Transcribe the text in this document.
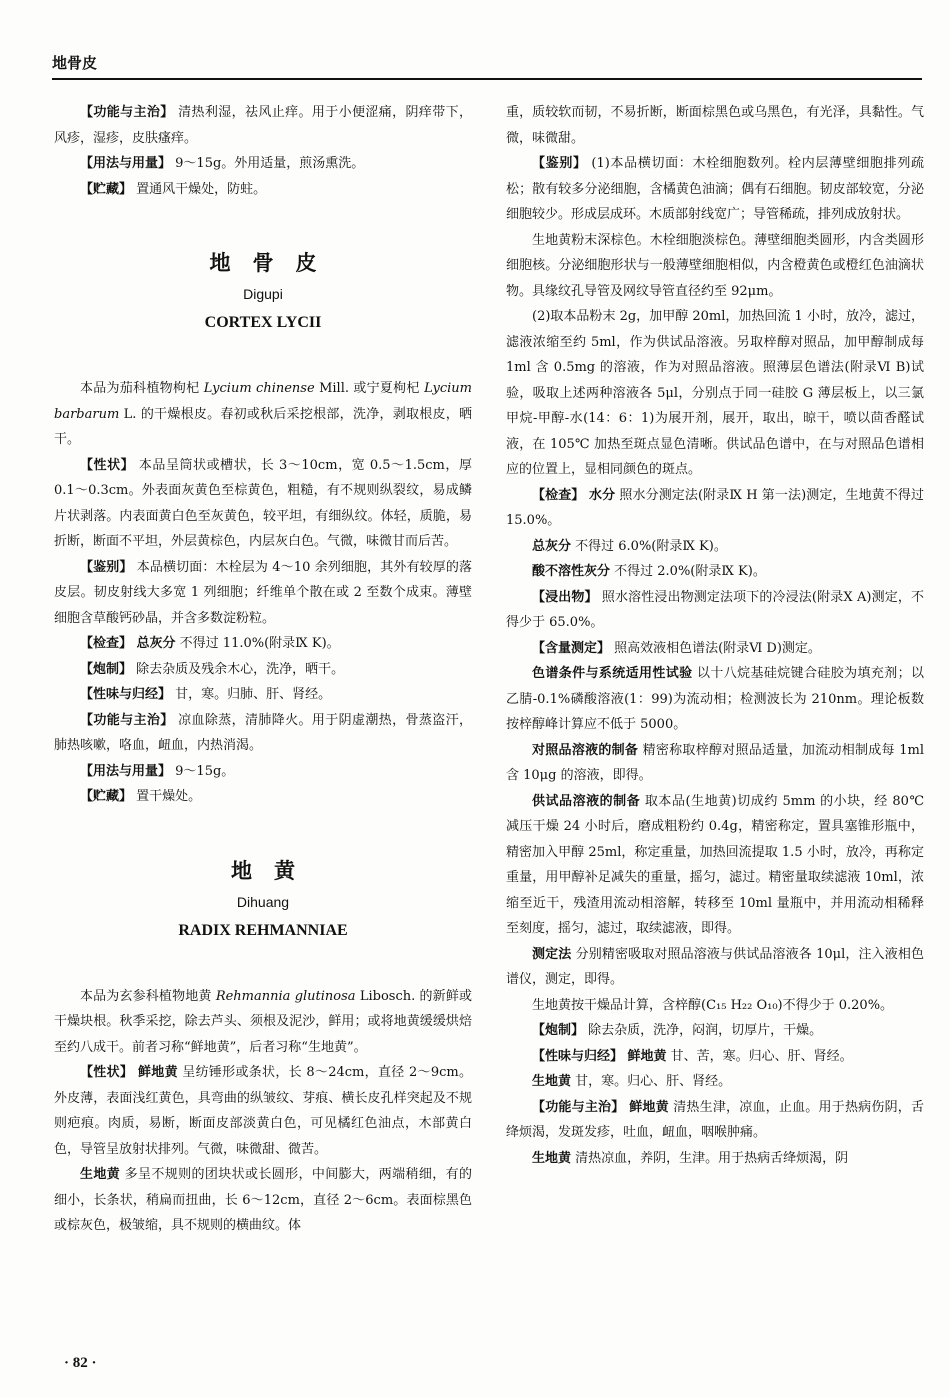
地骨皮

【功能与主治】 清热利湿，祛风止痒。用于小便涩痛，阴痒带下，风疹，湿疹，皮肤瘙痒。

【用法与用量】 9～15g。外用适量，煎汤熏洗。

【贮藏】 置通风干燥处，防蛀。

地骨皮
Digupi
CORTEX LYCII

本品为茄科植物枸杞 Lycium chinense Mill. 或宁夏枸杞 Lycium barbarum L. 的干燥根皮。春初或秋后采挖根部，洗净，剥取根皮，晒干。

【性状】 本品呈筒状或槽状，长 3～10cm，宽 0.5～1.5cm，厚 0.1～0.3cm。外表面灰黄色至棕黄色，粗糙，有不规则纵裂纹，易成鳞片状剥落。内表面黄白色至灰黄色，较平坦，有细纵纹。体轻，质脆，易折断，断面不平坦，外层黄棕色，内层灰白色。气微，味微甘而后苦。

【鉴别】 本品横切面：木栓层为 4～10 余列细胞，其外有较厚的落皮层。韧皮射线大多宽 1 列细胞；纤维单个散在或 2 至数个成束。薄壁细胞含草酸钙砂晶，并含多数淀粉粒。

【检查】 总灰分 不得过 11.0%(附录Ⅸ K)。

【炮制】 除去杂质及残余木心，洗净，晒干。

【性味与归经】 甘，寒。归肺、肝、肾经。

【功能与主治】 凉血除蒸，清肺降火。用于阴虚潮热，骨蒸盗汗，肺热咳嗽，咯血，衄血，内热消渴。

【用法与用量】 9～15g。

【贮藏】 置干燥处。

地黄
Dihuang
RADIX REHMANNIAE

本品为玄参科植物地黄 Rehmannia glutinosa Libosch. 的新鲜或干燥块根。秋季采挖，除去芦头、须根及泥沙，鲜用；或将地黄缓缓烘焙至约八成干。前者习称“鲜地黄”，后者习称“生地黄”。

【性状】 鲜地黄 呈纺锤形或条状，长 8～24cm，直径 2～9cm。外皮薄，表面浅红黄色，具弯曲的纵皱纹、芽痕、横长皮孔样突起及不规则疤痕。肉质，易断，断面皮部淡黄白色，可见橘红色油点，木部黄白色，导管呈放射状排列。气微，味微甜、微苦。

生地黄 多呈不规则的团块状或长圆形，中间膨大，两端稍细，有的细小，长条状，稍扁而扭曲，长 6～12cm，直径 2～6cm。表面棕黑色或棕灰色，极皱缩，具不规则的横曲纹。体

重，质较软而韧，不易折断，断面棕黑色或乌黑色，有光泽，具黏性。气微，味微甜。

【鉴别】 (1)本品横切面：木栓细胞数列。栓内层薄壁细胞排列疏松；散有较多分泌细胞，含橘黄色油滴；偶有石细胞。韧皮部较宽，分泌细胞较少。形成层成环。木质部射线宽广；导管稀疏，排列成放射状。

生地黄粉末深棕色。木栓细胞淡棕色。薄壁细胞类圆形，内含类圆形细胞核。分泌细胞形状与一般薄壁细胞相似，内含橙黄色或橙红色油滴状物。具缘纹孔导管及网纹导管直径约至 92μm。

(2)取本品粉末 2g，加甲醇 20ml，加热回流 1 小时，放冷，滤过，滤液浓缩至约 5ml，作为供试品溶液。另取梓醇对照品，加甲醇制成每 1ml 含 0.5mg 的溶液，作为对照品溶液。照薄层色谱法(附录Ⅵ B)试验，吸取上述两种溶液各 5μl，分别点于同一硅胶 G 薄层板上，以三氯甲烷-甲醇-水(14：6：1)为展开剂，展开，取出，晾干，喷以茴香醛试液，在 105℃ 加热至斑点显色清晰。供试品色谱中，在与对照品色谱相应的位置上，显相同颜色的斑点。

【检查】 水分 照水分测定法(附录Ⅸ H 第一法)测定，生地黄不得过 15.0%。

总灰分 不得过 6.0%(附录Ⅸ K)。

酸不溶性灰分 不得过 2.0%(附录Ⅸ K)。

【浸出物】 照水溶性浸出物测定法项下的冷浸法(附录Ⅹ A)测定，不得少于 65.0%。

【含量测定】 照高效液相色谱法(附录Ⅵ D)测定。

色谱条件与系统适用性试验 以十八烷基硅烷键合硅胶为填充剂；以乙腈-0.1%磷酸溶液(1：99)为流动相；检测波长为 210nm。理论板数按梓醇峰计算应不低于 5000。

对照品溶液的制备 精密称取梓醇对照品适量，加流动相制成每 1ml 含 10μg 的溶液，即得。

供试品溶液的制备 取本品(生地黄)切成约 5mm 的小块，经 80℃ 减压干燥 24 小时后，磨成粗粉约 0.4g，精密称定，置具塞锥形瓶中，精密加入甲醇 25ml，称定重量，加热回流提取 1.5 小时，放冷，再称定重量，用甲醇补足减失的重量，摇匀，滤过。精密量取续滤液 10ml，浓缩至近干，残渣用流动相溶解，转移至 10ml 量瓶中，并用流动相稀释至刻度，摇匀，滤过，取续滤液，即得。

测定法 分别精密吸取对照品溶液与供试品溶液各 10μl，注入液相色谱仪，测定，即得。

生地黄按干燥品计算，含梓醇(C₁₅ H₂₂ O₁₀)不得少于 0.20%。

【炮制】 除去杂质，洗净，闷润，切厚片，干燥。

【性味与归经】 鲜地黄 甘、苦，寒。归心、肝、肾经。

生地黄 甘，寒。归心、肝、肾经。

【功能与主治】 鲜地黄 清热生津，凉血，止血。用于热病伤阴，舌绛烦渴，发斑发疹，吐血，衄血，咽喉肿痛。

生地黄 清热凉血，养阴，生津。用于热病舌绛烦渴，阴

· 82 ·
